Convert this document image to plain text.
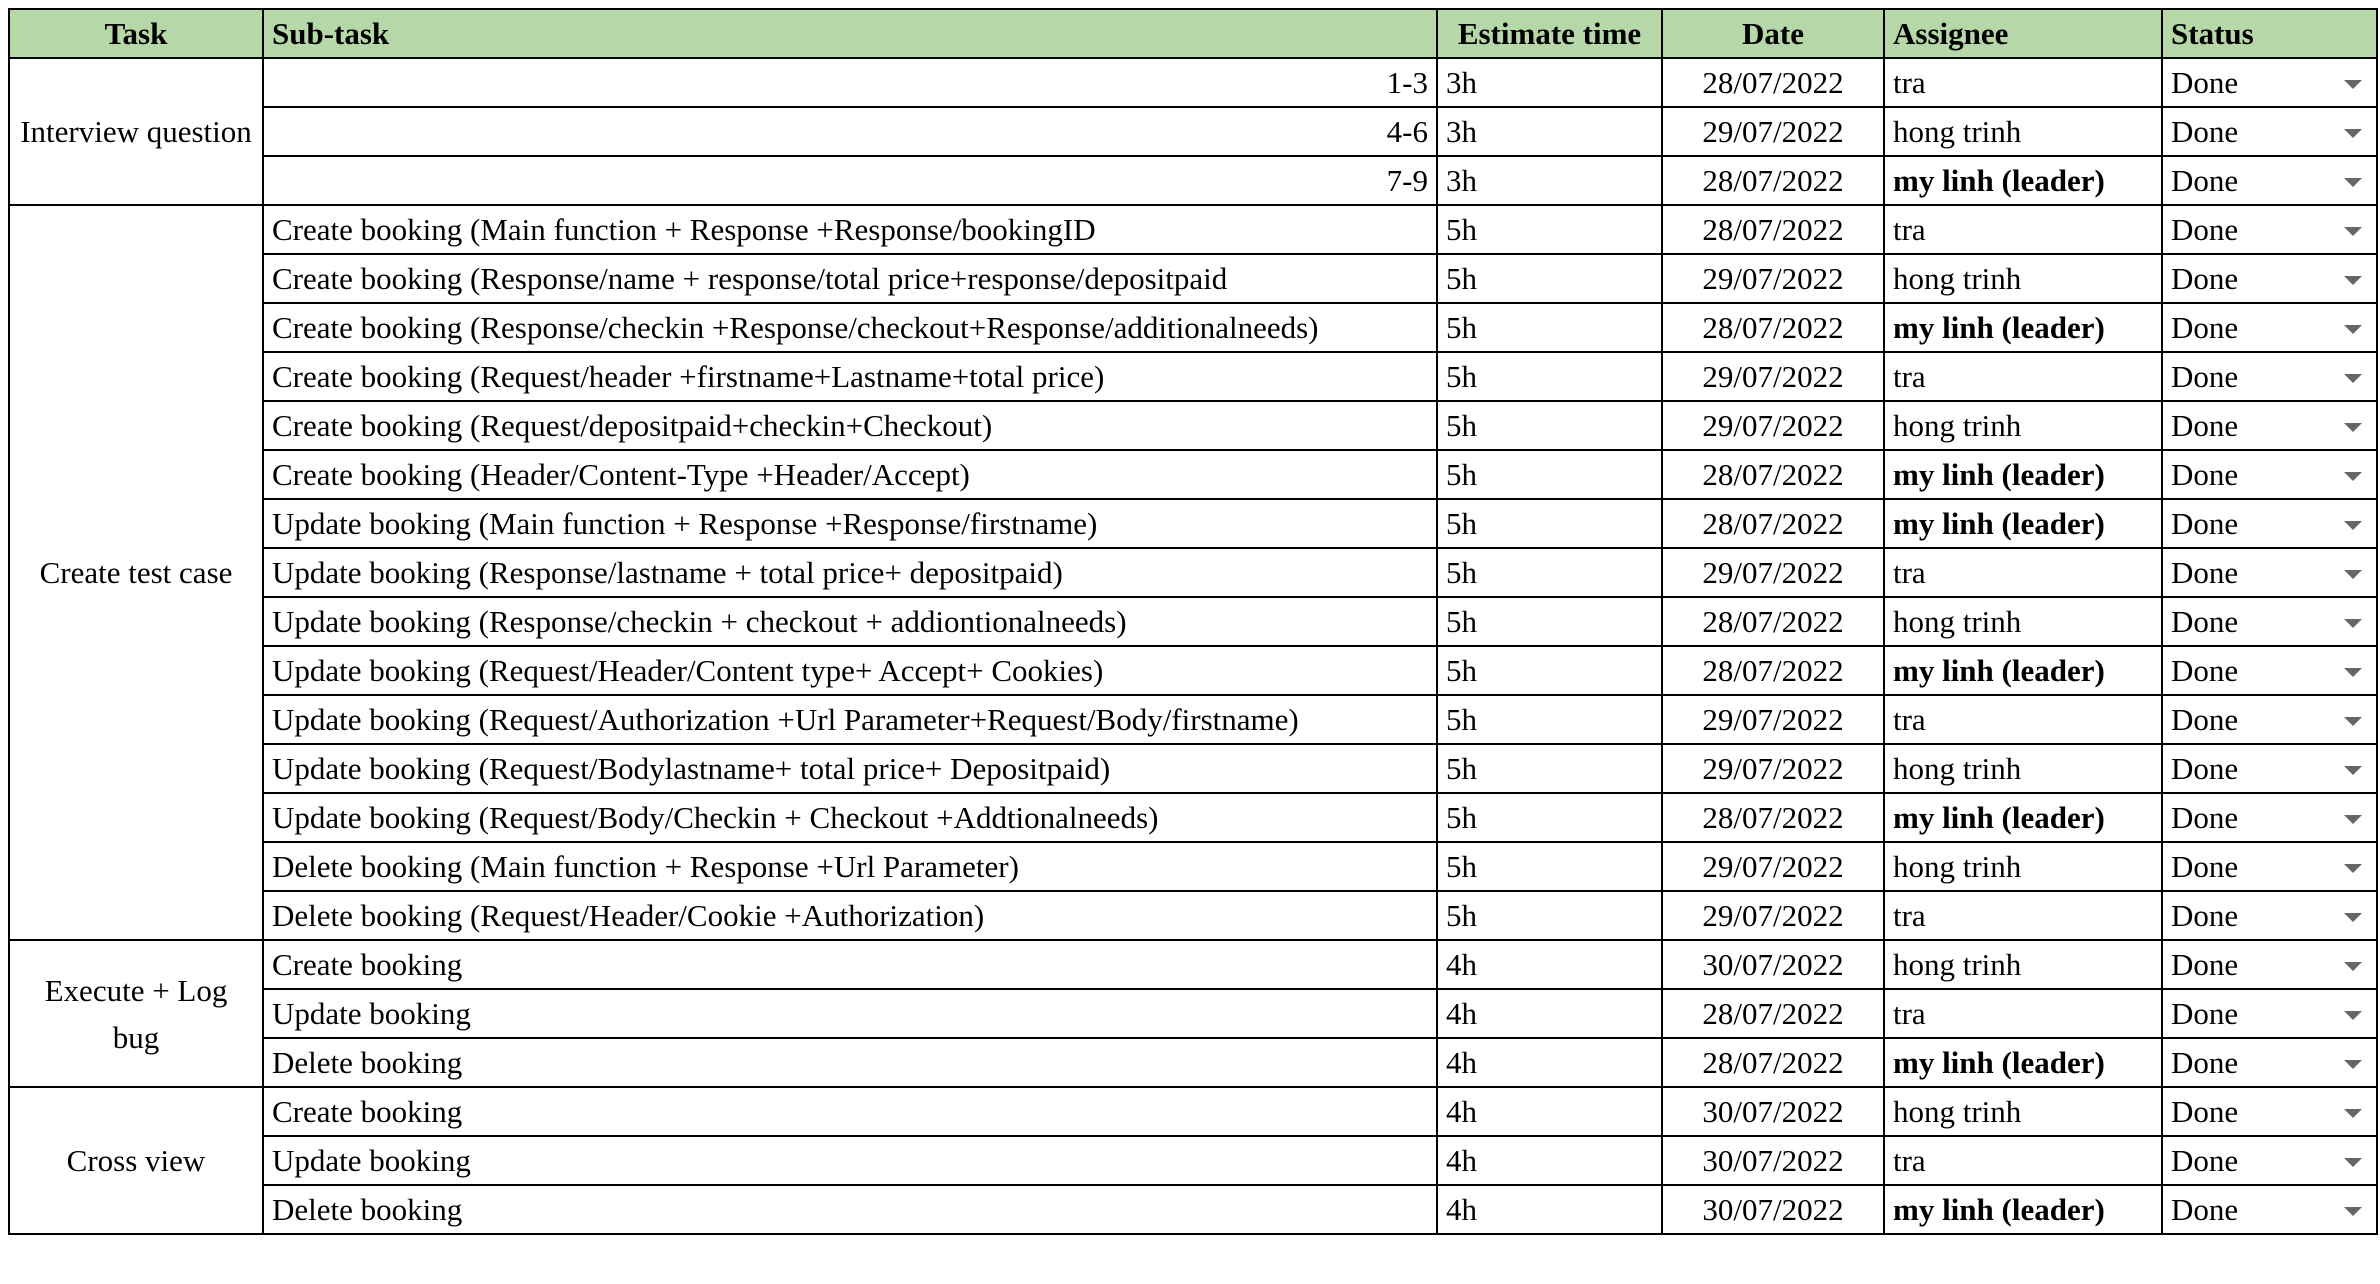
Task	Sub-task	Estimate time	Date	Assignee	Status
Interview question	1-3	3h	28/07/2022	tra	Done

	4-6	3h	29/07/2022	hong trinh	Done

	7-9	3h	28/07/2022	my linh (leader)	Done

Create test case	Create booking (Main function + Response +Response/bookingID	5h	28/07/2022	tra	Done

	Create booking (Response/name + response/total price+response/depositpaid	5h	29/07/2022	hong trinh	Done

	Create booking (Response/checkin +Response/checkout+Response/additionalneeds)	5h	28/07/2022	my linh (leader)	Done

	Create booking (Request/header +firstname+Lastname+total price)	5h	29/07/2022	tra	Done

	Create booking (Request/depositpaid+checkin+Checkout)	5h	29/07/2022	hong trinh	Done

	Create booking (Header/Content-Type +Header/Accept)	5h	28/07/2022	my linh (leader)	Done

	Update booking (Main function + Response +Response/firstname)	5h	28/07/2022	my linh (leader)	Done

	Update booking (Response/lastname + total price+ depositpaid)	5h	29/07/2022	tra	Done

	Update booking (Response/checkin + checkout + addiontionalneeds)	5h	28/07/2022	hong trinh	Done

	Update booking (Request/Header/Content type+ Accept+ Cookies)	5h	28/07/2022	my linh (leader)	Done

	Update booking (Request/Authorization +Url Parameter+Request/Body/firstname)	5h	29/07/2022	tra	Done

	Update booking (Request/Bodylastname+ total price+ Depositpaid)	5h	29/07/2022	hong trinh	Done

	Update booking (Request/Body/Checkin + Checkout +Addtionalneeds)	5h	28/07/2022	my linh (leader)	Done

	Delete booking (Main function + Response +Url Parameter)	5h	29/07/2022	hong trinh	Done

	Delete booking (Request/Header/Cookie +Authorization)	5h	29/07/2022	tra	Done

Execute + Log bug	Create booking	4h	30/07/2022	hong trinh	Done

	Update booking	4h	28/07/2022	tra	Done

	Delete booking	4h	28/07/2022	my linh (leader)	Done

Cross view	Create booking	4h	30/07/2022	hong trinh	Done

	Update booking	4h	30/07/2022	tra	Done

	Delete booking	4h	30/07/2022	my linh (leader)	Done
